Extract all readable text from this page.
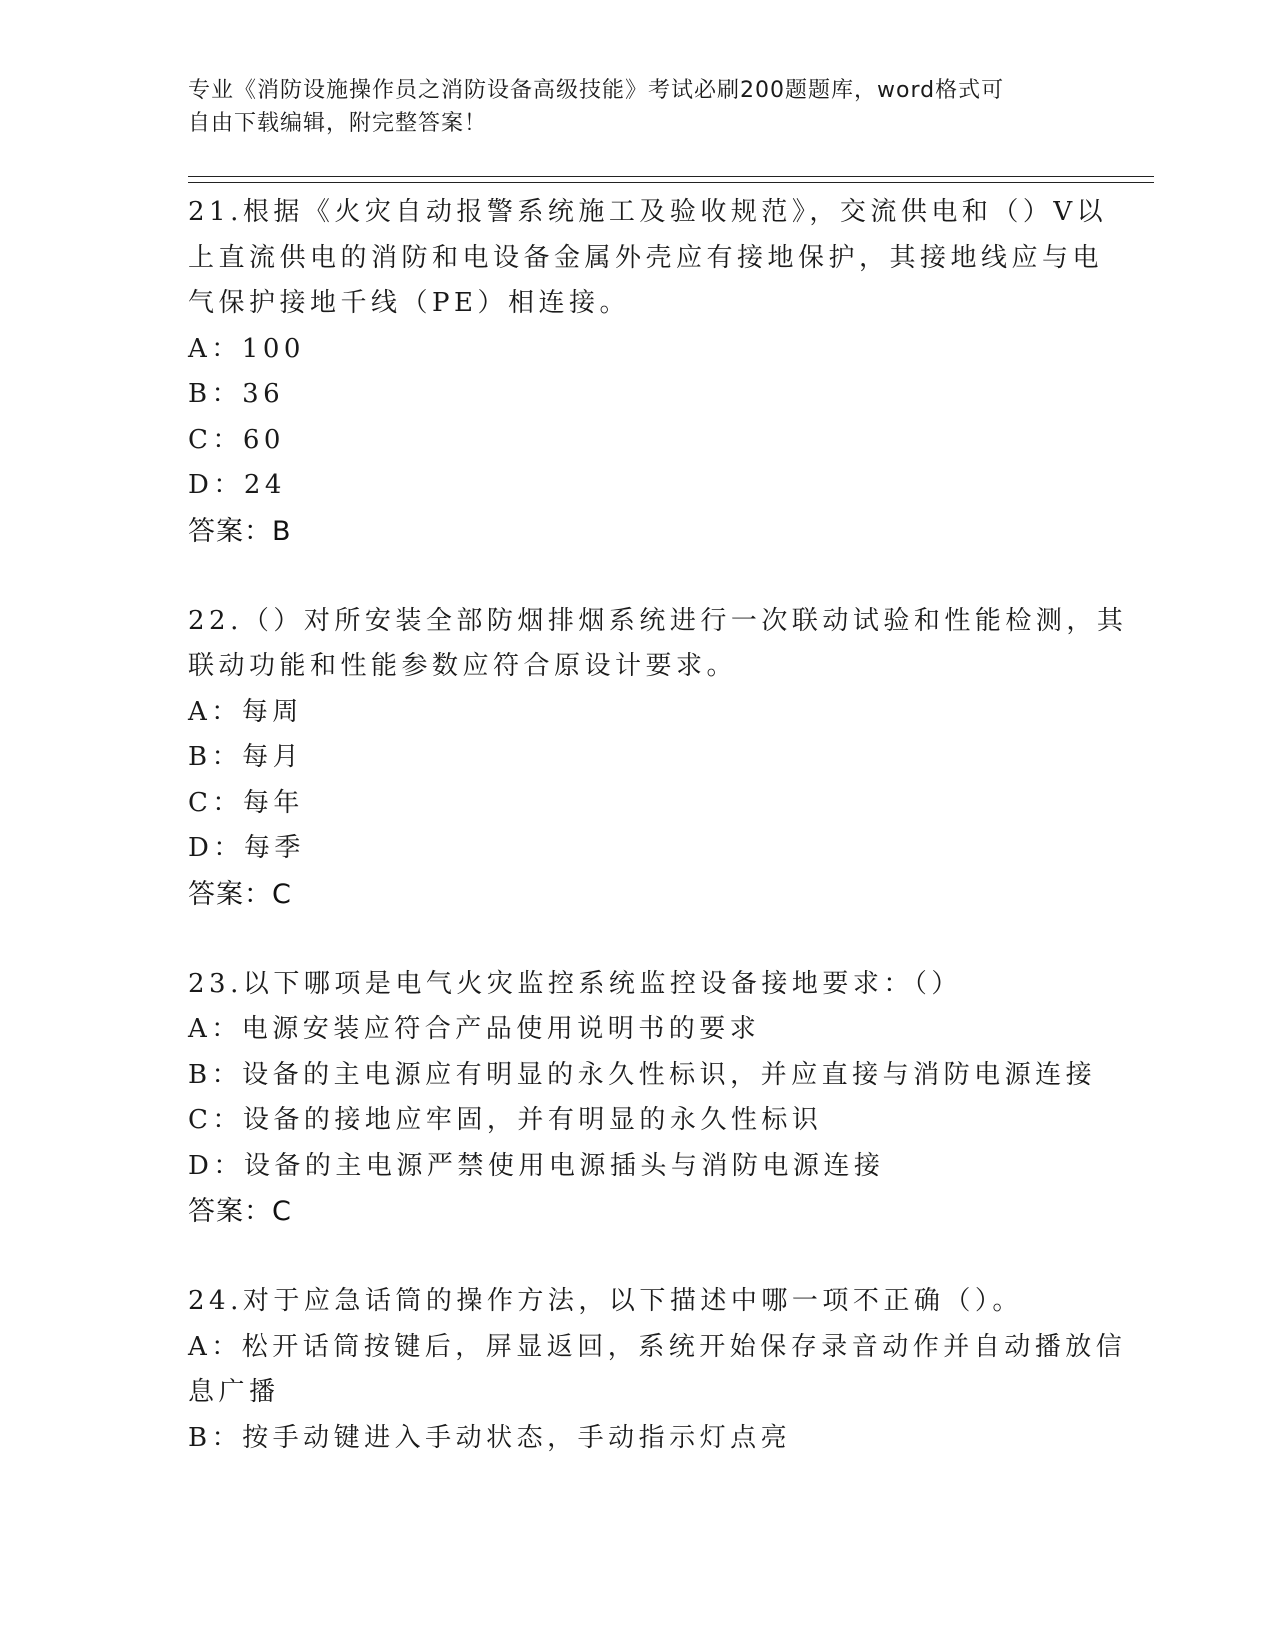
专业《消防设施操作员之消防设备高级技能》考试必刷200题题库，word格式可
自由下载编辑，附完整答案！
21.根据《火灾自动报警系统施工及验收规范》，交流供电和（）V以
上直流供电的消防和电设备金属外壳应有接地保护，其接地线应与电
气保护接地千线（PE）相连接。
A：100
B：36
C：60
D：24
答案：B
22.（）对所安装全部防烟排烟系统进行一次联动试验和性能检测，其
联动功能和性能参数应符合原设计要求。
A：每周
B：每月
C：每年
D：每季
答案：C
23.以下哪项是电气火灾监控系统监控设备接地要求：（）
A：电源安装应符合产品使用说明书的要求
B：设备的主电源应有明显的永久性标识，并应直接与消防电源连接
C：设备的接地应牢固，并有明显的永久性标识
D：设备的主电源严禁使用电源插头与消防电源连接
答案：C
24.对于应急话筒的操作方法，以下描述中哪一项不正确（）。
A：松开话筒按键后，屏显返回，系统开始保存录音动作并自动播放信
息广播
B：按手动键进入手动状态，手动指示灯点亮
